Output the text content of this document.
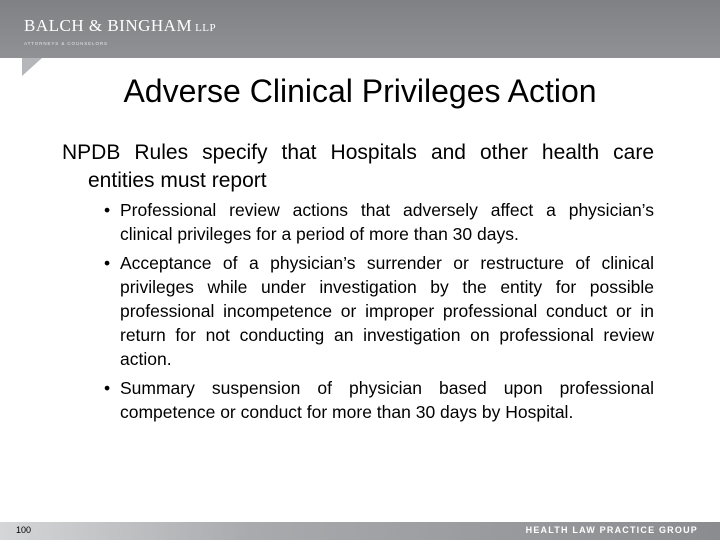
BALCH & BINGHAM LLP
ATTORNEYS & COUNSELORS
Adverse Clinical Privileges Action

NPDB Rules specify that Hospitals and other health care entities must report

• Professional review actions that adversely affect a physician’s clinical privileges for a period of more than 30 days.
• Acceptance of a physician’s surrender or restructure of clinical privileges while under investigation by the entity for possible professional incompetence or improper professional conduct or in return for not conducting an investigation on professional review action.
• Summary suspension of physician based upon professional competence or conduct for more than 30 days by Hospital.
100	HEALTH LAW PRACTICE GROUP
